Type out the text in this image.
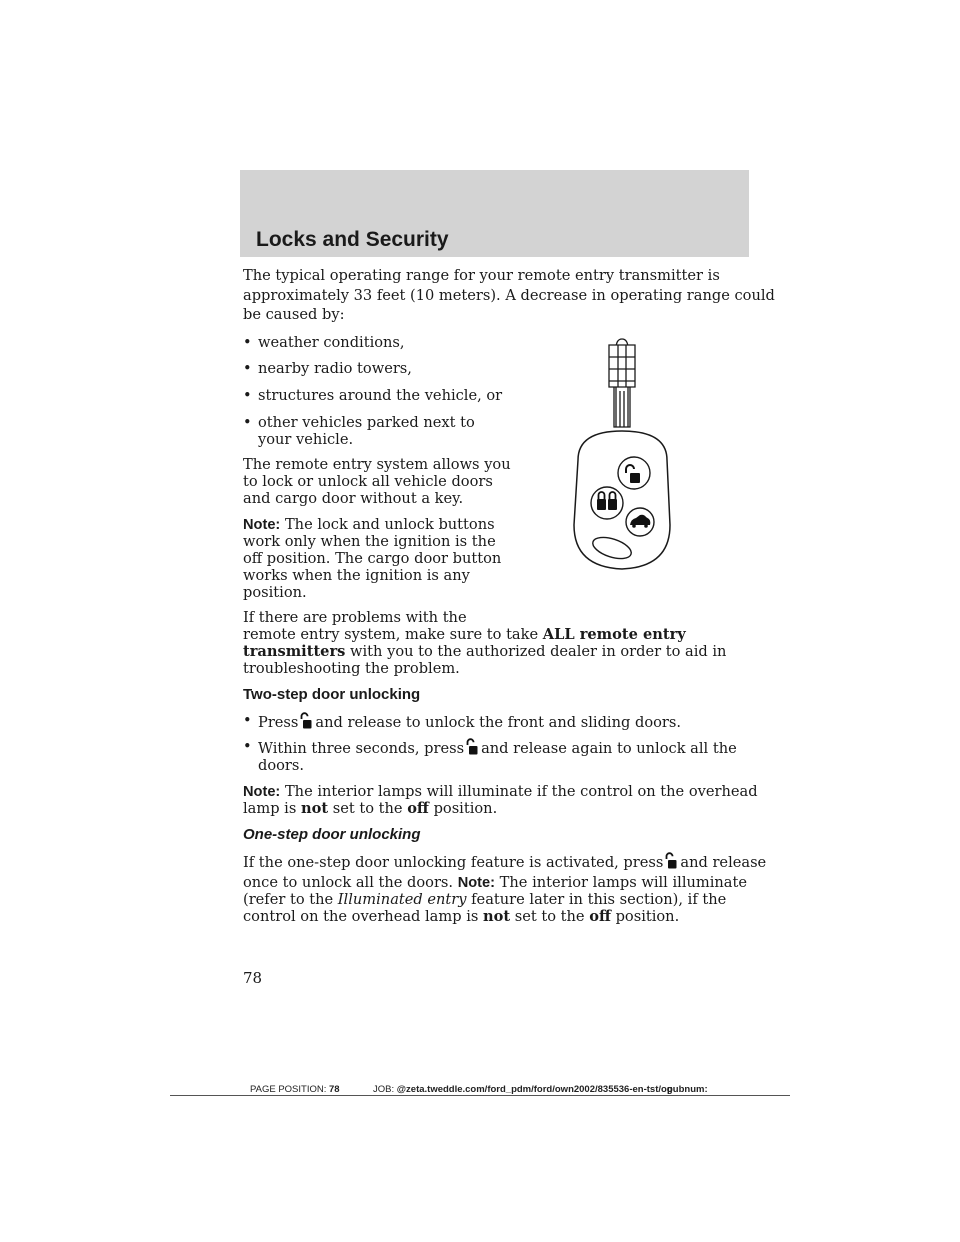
Locks and Security

The typical operating range for your remote entry transmitter is

approximately 33 feet (10 meters). A decrease in operating range could

be caused by:

• weather conditions,
• nearby radio towers,
• structures around the vehicle, or
• other vehicles parked next to
your vehicle.

The remote entry system allows you

to lock or unlock all vehicle doors

and cargo door without a key.

Note: The lock and unlock buttons

work only when the ignition is the

off position. The cargo door button

works when the ignition is any

position.

If there are problems with the

remote entry system, make sure to take ALL remote entry

transmitters with you to the authorized dealer in order to aid in

troubleshooting the problem.

Two-step door unlocking
• Press and release to unlock the front and sliding doors.
• Within three seconds, press and release again to unlock all the
doors.

Note: The interior lamps will illuminate if the control on the overhead

lamp is not set to the off position.

One-step door unlocking

If the one-step door unlocking feature is activated, press and release

once to unlock all the doors. Note: The interior lamps will illuminate

(refer to the Illuminated entry feature later in this section), if the

control on the overhead lamp is not set to the off position.

78
PAGE POSITION: 78	JOB: @zeta.tweddle.com/ford_pdm/ford/own2002/835536-en-tst/og
pubnum:
